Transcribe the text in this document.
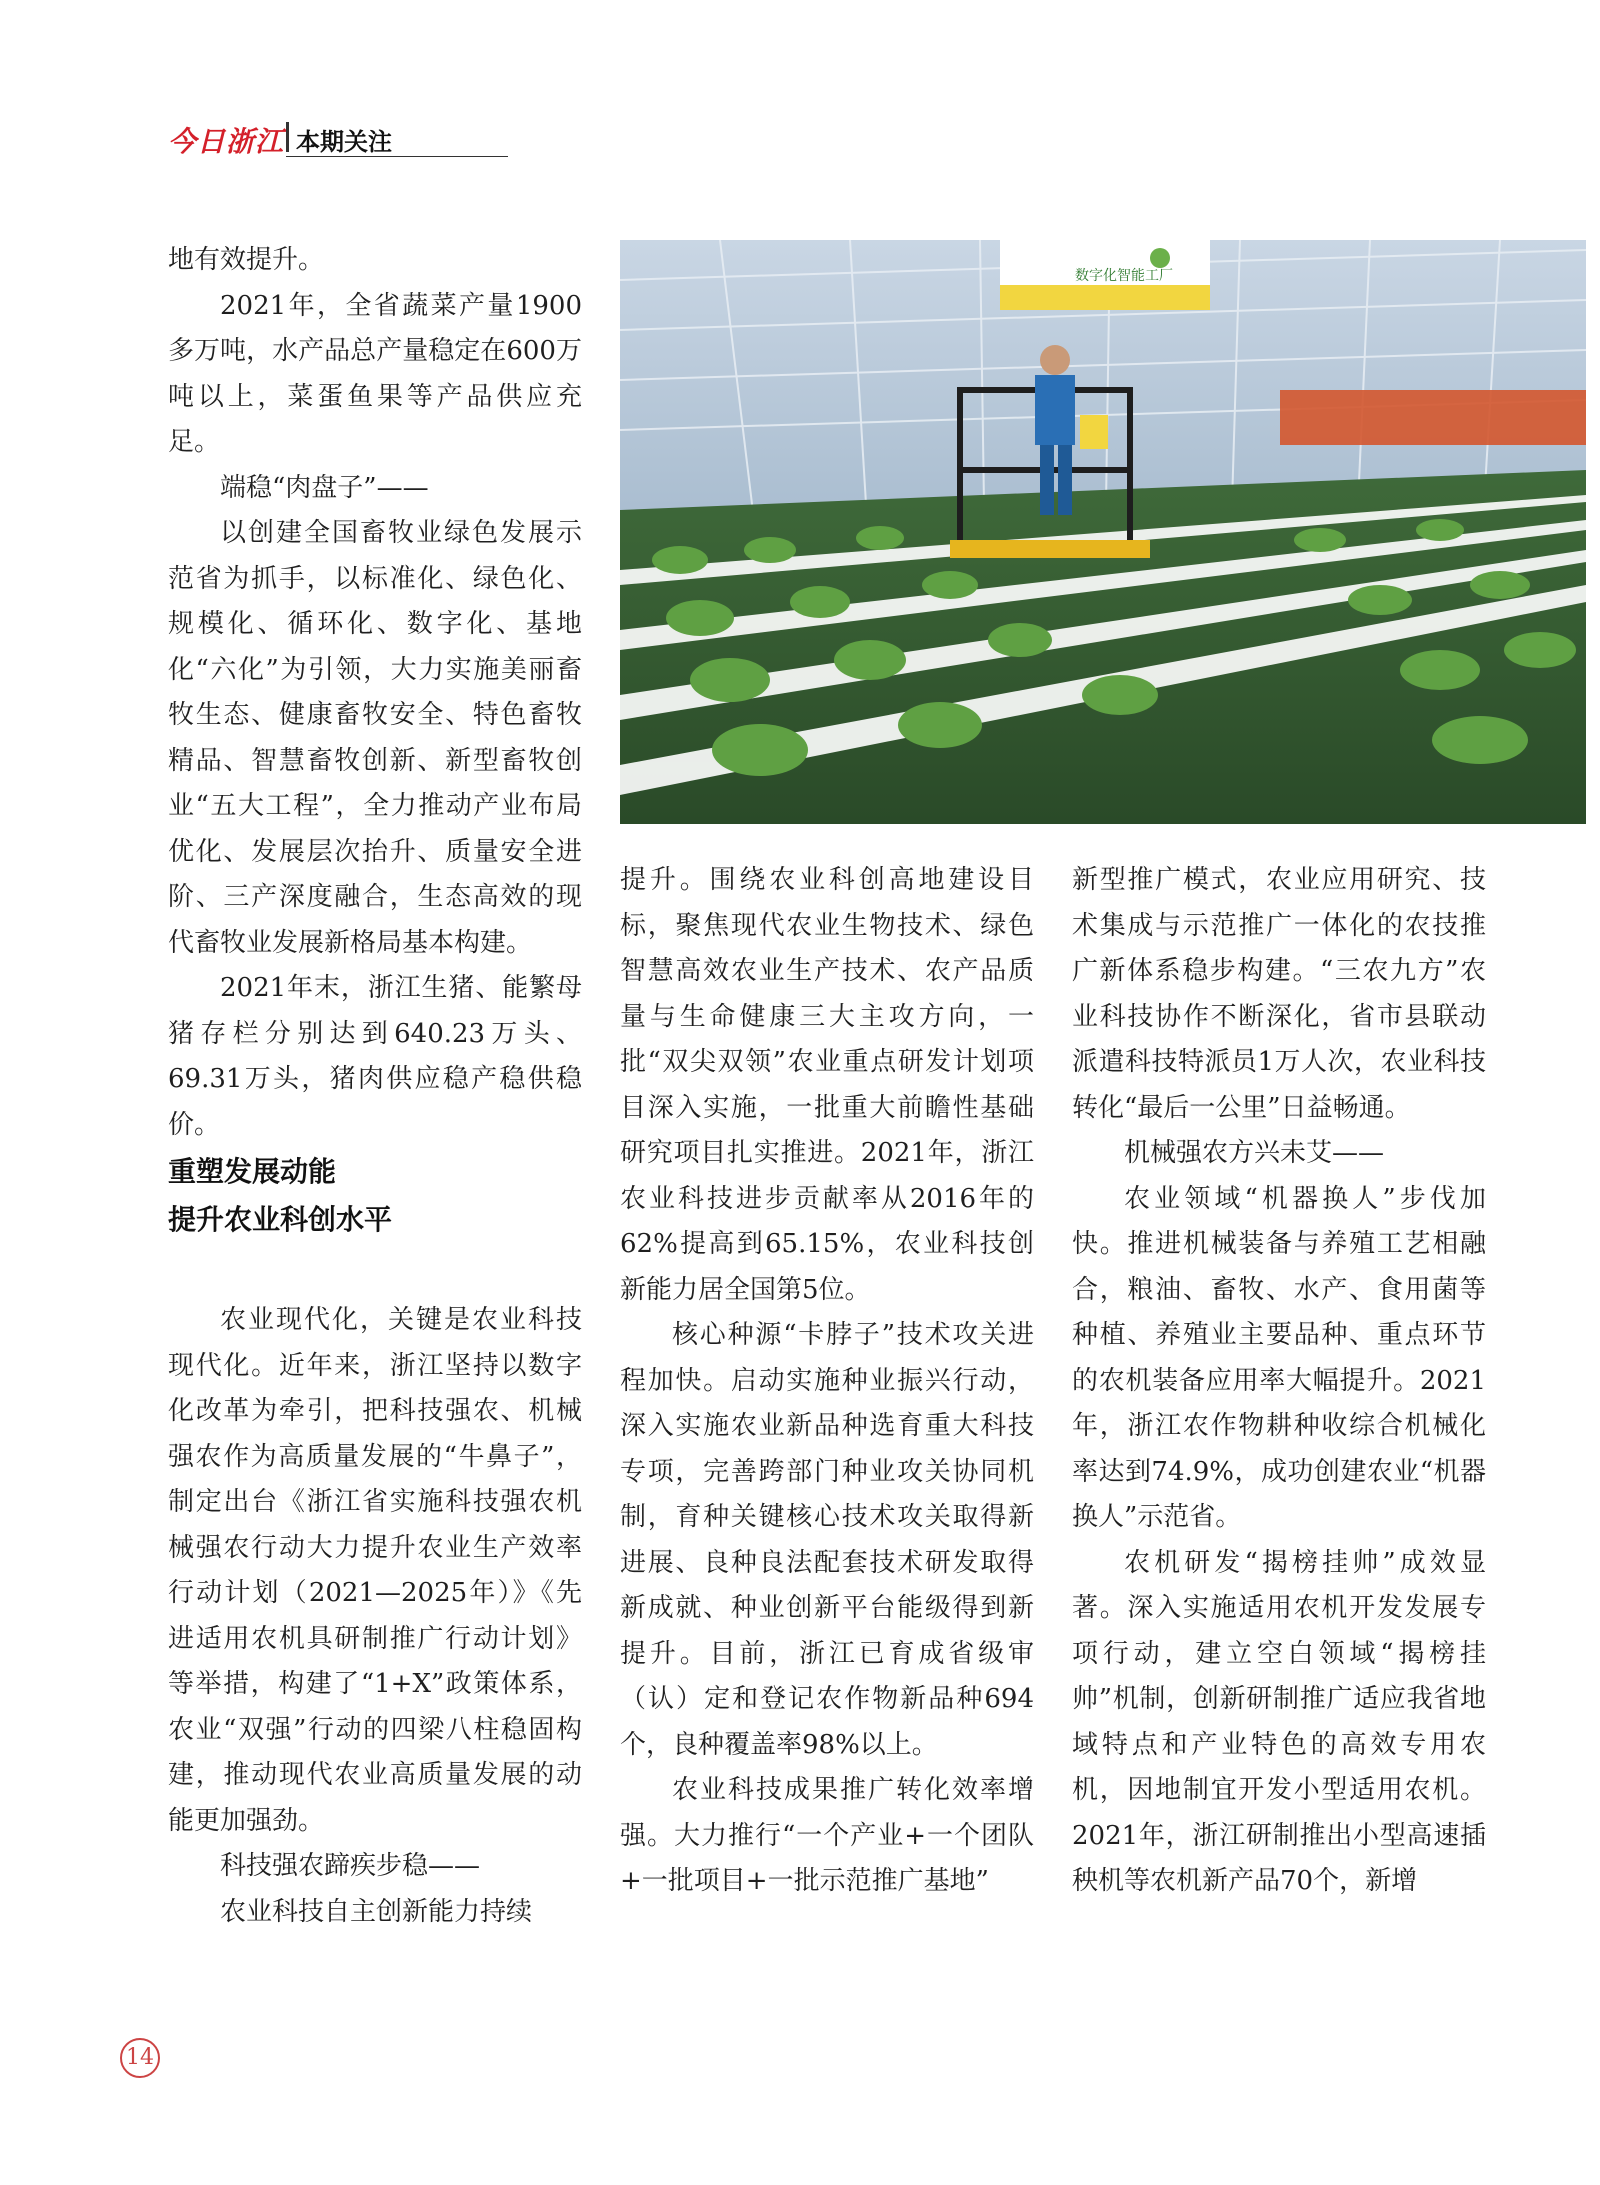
今日浙江 本期关注

地有效提升。

2021年，全省蔬菜产量1900多万吨，水产品总产量稳定在600万吨以上，菜蛋鱼果等产品供应充足。

端稳“肉盘子”——

以创建全国畜牧业绿色发展示范省为抓手，以标准化、绿色化、规模化、循环化、数字化、基地化“六化”为引领，大力实施美丽畜牧生态、健康畜牧安全、特色畜牧精品、智慧畜牧创新、新型畜牧创业“五大工程”，全力推动产业布局优化、发展层次抬升、质量安全进阶、三产深度融合，生态高效的现代畜牧业发展新格局基本构建。

2021年末，浙江生猪、能繁母猪存栏分别达到640.23万头、69.31万头，猪肉供应稳产稳供稳价。

重塑发展动能
提升农业科创水平

农业现代化，关键是农业科技现代化。近年来，浙江坚持以数字化改革为牵引，把科技强农、机械强农作为高质量发展的“牛鼻子”，制定出台《浙江省实施科技强农机械强农行动大力提升农业生产效率行动计划（2021—2025年）》《先进适用农机具研制推广行动计划》等举措，构建了“1+X”政策体系，农业“双强”行动的四梁八柱稳固构建，推动现代农业高质量发展的动能更加强劲。

科技强农蹄疾步稳——

农业科技自主创新能力持续

数字化智能工厂

提升。围绕农业科创高地建设目标，聚焦现代农业生物技术、绿色智慧高效农业生产技术、农产品质量与生命健康三大主攻方向，一批“双尖双领”农业重点研发计划项目深入实施，一批重大前瞻性基础研究项目扎实推进。2021年，浙江农业科技进步贡献率从2016年的62%提高到65.15%，农业科技创新能力居全国第5位。

核心种源“卡脖子”技术攻关进程加快。启动实施种业振兴行动，深入实施农业新品种选育重大科技专项，完善跨部门种业攻关协同机制，育种关键核心技术攻关取得新进展、良种良法配套技术研发取得新成就、种业创新平台能级得到新提升。目前，浙江已育成省级审（认）定和登记农作物新品种694个，良种覆盖率98%以上。

农业科技成果推广转化效率增强。大力推行“一个产业+一个团队+一批项目+一批示范推广基地”

新型推广模式，农业应用研究、技术集成与示范推广一体化的农技推广新体系稳步构建。“三农九方”农业科技协作不断深化，省市县联动派遣科技特派员1万人次，农业科技转化“最后一公里”日益畅通。

机械强农方兴未艾——

农业领域“机器换人”步伐加快。推进机械装备与养殖工艺相融合，粮油、畜牧、水产、食用菌等种植、养殖业主要品种、重点环节的农机装备应用率大幅提升。2021年，浙江农作物耕种收综合机械化率达到74.9%，成功创建农业“机器换人”示范省。

农机研发“揭榜挂帅”成效显著。深入实施适用农机开发发展专项行动，建立空白领域“揭榜挂帅”机制，创新研制推广适应我省地域特点和产业特色的高效专用农机，因地制宜开发小型适用农机。2021年，浙江研制推出小型高速插秧机等农机新产品70个，新增

14
